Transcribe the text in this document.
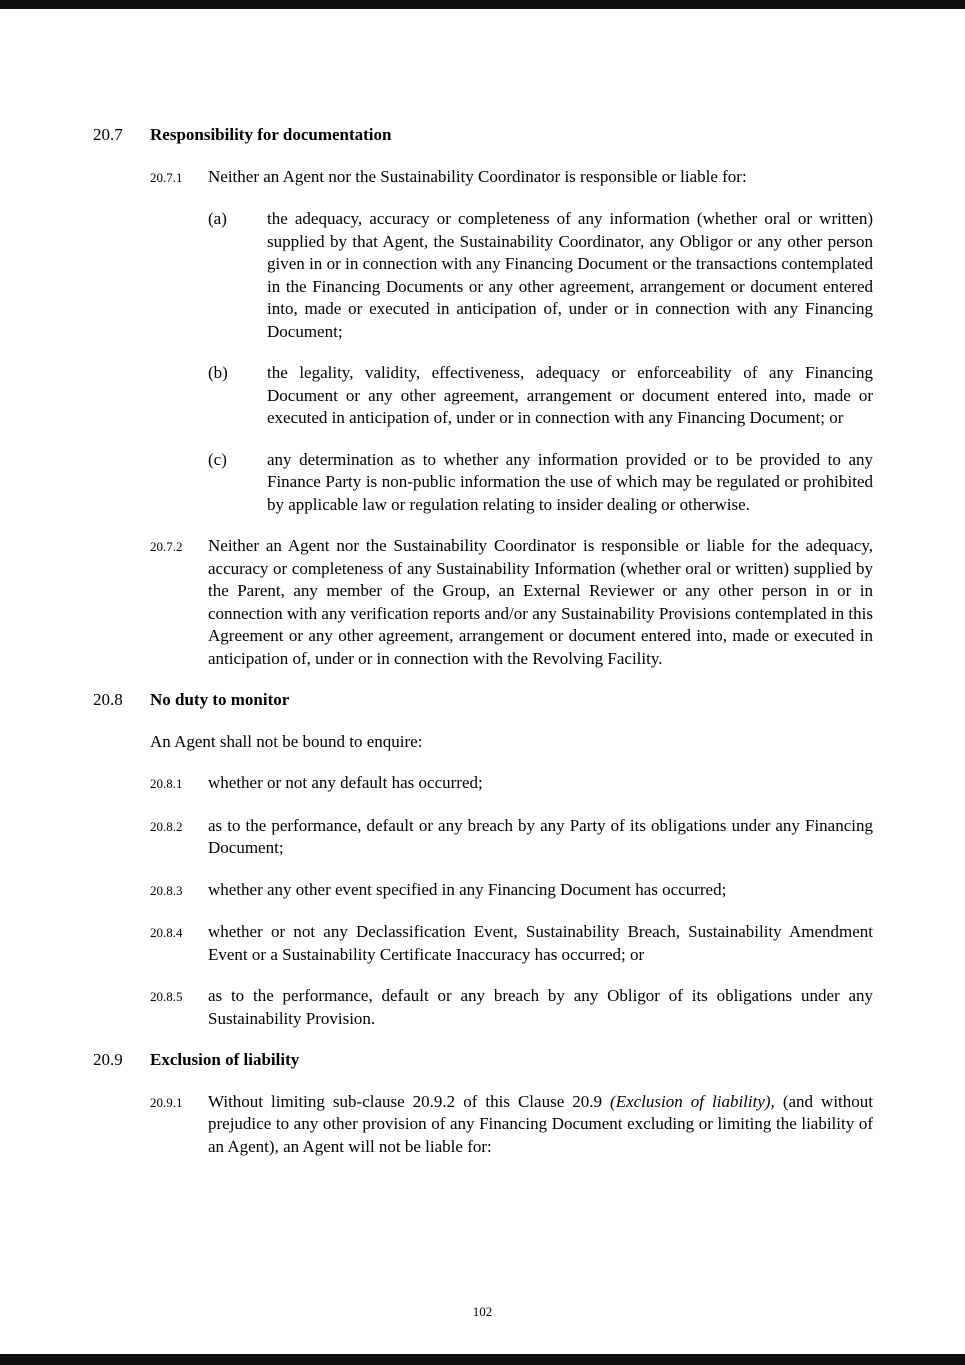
20.7	Responsibility for documentation
20.7.1	Neither an Agent nor the Sustainability Coordinator is responsible or liable for:
(a)	the adequacy, accuracy or completeness of any information (whether oral or written) supplied by that Agent, the Sustainability Coordinator, any Obligor or any other person given in or in connection with any Financing Document or the transactions contemplated in the Financing Documents or any other agreement, arrangement or document entered into, made or executed in anticipation of, under or in connection with any Financing Document;
(b)	the legality, validity, effectiveness, adequacy or enforceability of any Financing Document or any other agreement, arrangement or document entered into, made or executed in anticipation of, under or in connection with any Financing Document; or
(c)	any determination as to whether any information provided or to be provided to any Finance Party is non-public information the use of which may be regulated or prohibited by applicable law or regulation relating to insider dealing or otherwise.
20.7.2	Neither an Agent nor the Sustainability Coordinator is responsible or liable for the adequacy, accuracy or completeness of any Sustainability Information (whether oral or written) supplied by the Parent, any member of the Group, an External Reviewer or any other person in or in connection with any verification reports and/or any Sustainability Provisions contemplated in this Agreement or any other agreement, arrangement or document entered into, made or executed in anticipation of, under or in connection with the Revolving Facility.
20.8	No duty to monitor
An Agent shall not be bound to enquire:
20.8.1	whether or not any default has occurred;
20.8.2	as to the performance, default or any breach by any Party of its obligations under any Financing Document;
20.8.3	whether any other event specified in any Financing Document has occurred;
20.8.4	whether or not any Declassification Event, Sustainability Breach, Sustainability Amendment Event or a Sustainability Certificate Inaccuracy has occurred; or
20.8.5	as to the performance, default or any breach by any Obligor of its obligations under any Sustainability Provision.
20.9	Exclusion of liability
20.9.1	Without limiting sub-clause 20.9.2 of this Clause 20.9 (Exclusion of liability), (and without prejudice to any other provision of any Financing Document excluding or limiting the liability of an Agent), an Agent will not be liable for:
102
